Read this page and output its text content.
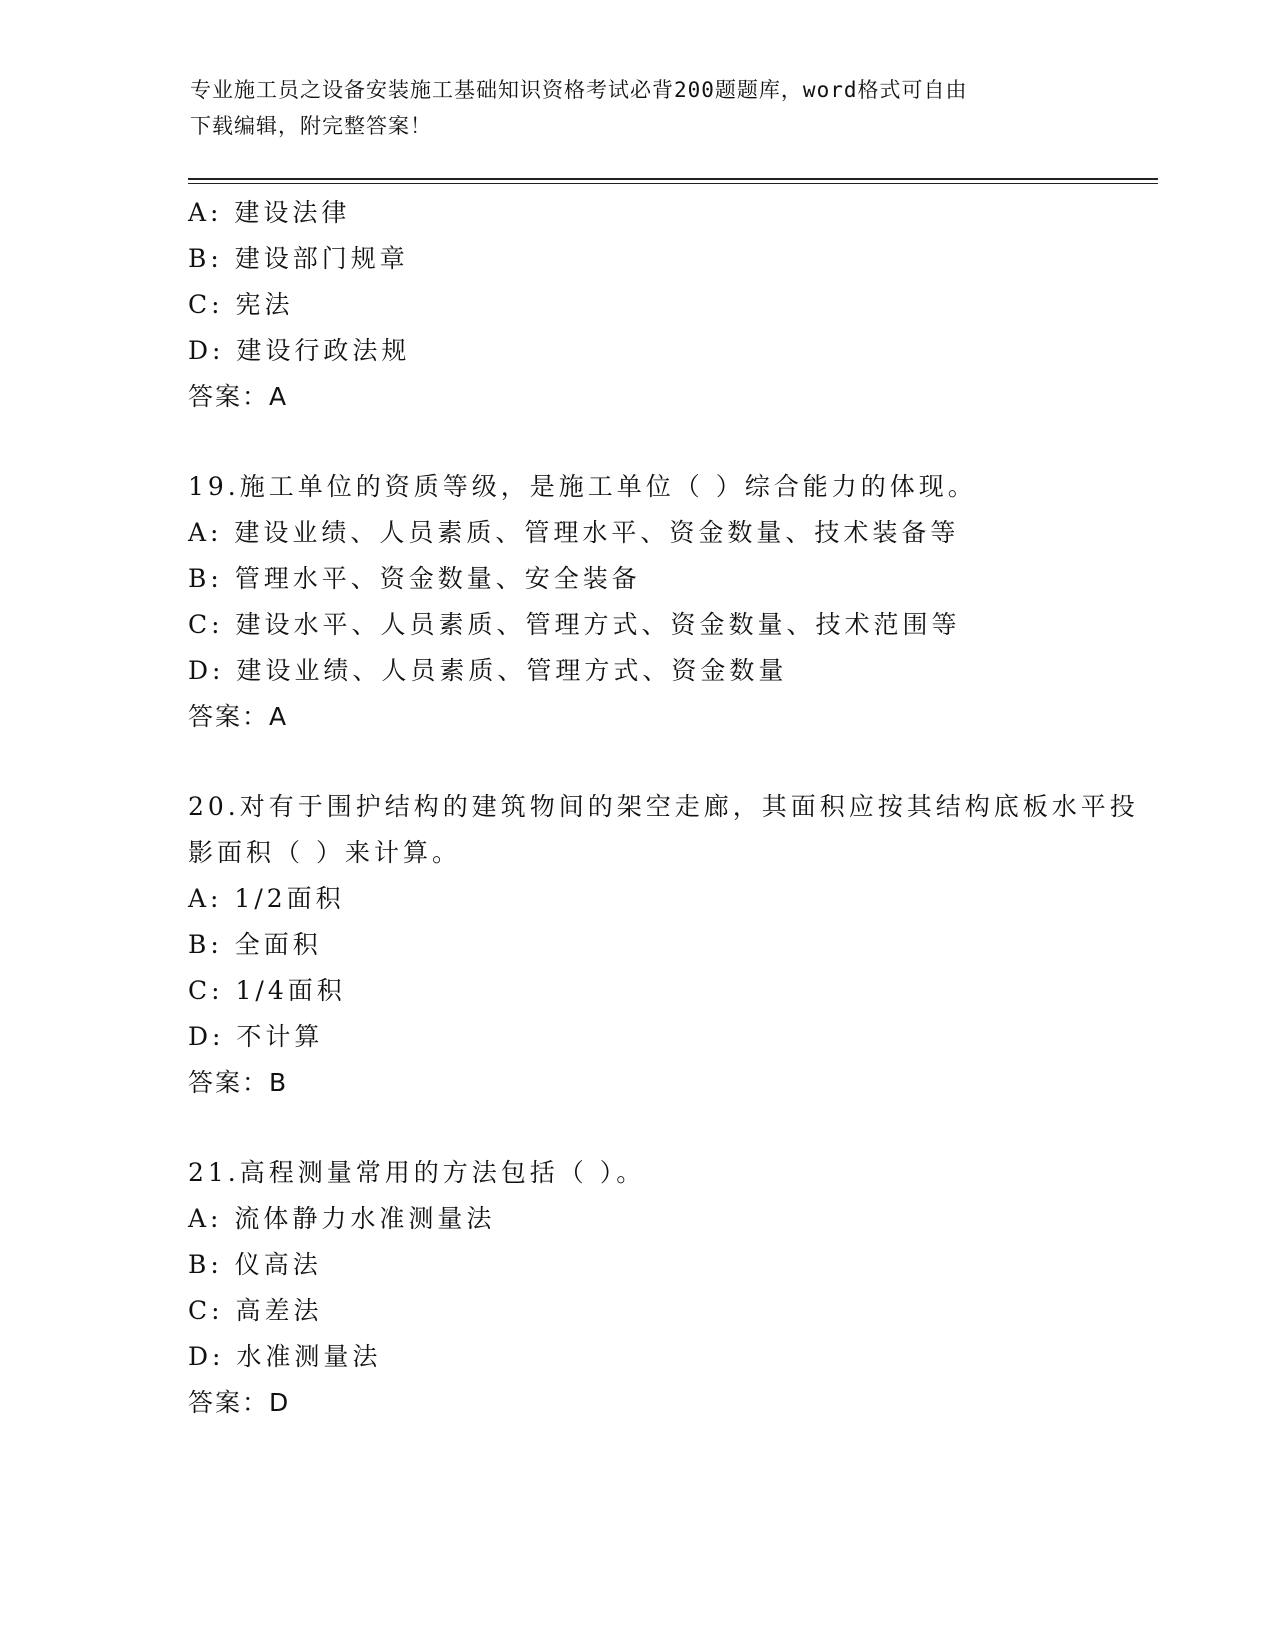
专业施工员之设备安装施工基础知识资格考试必背200题题库，word格式可自由
下载编辑，附完整答案！
A: 建设法律
B: 建设部门规章
C: 宪法
D: 建设行政法规
答案：A
19.施工单位的资质等级，是施工单位（ ）综合能力的体现。
A: 建设业绩、人员素质、管理水平、资金数量、技术装备等
B: 管理水平、资金数量、安全装备
C: 建设水平、人员素质、管理方式、资金数量、技术范围等
D: 建设业绩、人员素质、管理方式、资金数量
答案：A
20.对有于围护结构的建筑物间的架空走廊，其面积应按其结构底板水平投影面积（ ）来计算。
A: 1/2面积
B: 全面积
C: 1/4面积
D: 不计算
答案：B
21.高程测量常用的方法包括（ ）。
A: 流体静力水准测量法
B: 仪高法
C: 高差法
D: 水准测量法
答案：D
